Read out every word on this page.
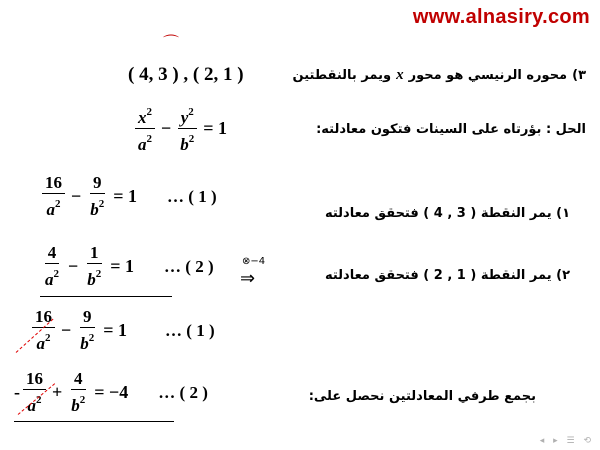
www.alnasiry.com
⌒
٣)
محوره الرنيسي هو محور
x
ويمر بالنقطتين
( 4, 3 ) , ( 2, 1 )
$\frac{x^2}{a^2} - \frac{y^2}{b^2} = 1$	الحل : بؤرتاه على السينات فتكون معادلته:
$\frac{16}{a^2} - \frac{9}{b^2} = 1$ … ( 1 )
١) يمر النقطة ( 3 , 4 ) فتحقق معادلته
$\frac{4}{a^2} - \frac{1}{b^2} = 1$ … ( 2 )	⊗−4
⇒	٢) يمر النقطة ( 1 , 2 ) فتحقق معادلته
$\frac{16}{a^2} - \frac{9}{b^2} = 1$ … ( 1 )
- $\frac{16}{a^2} + \frac{4}{b^2} = -4$ … ( 2 )	بجمع طرفي المعادلتين نحصل على:
◂ ▸ ☰ ⟲
